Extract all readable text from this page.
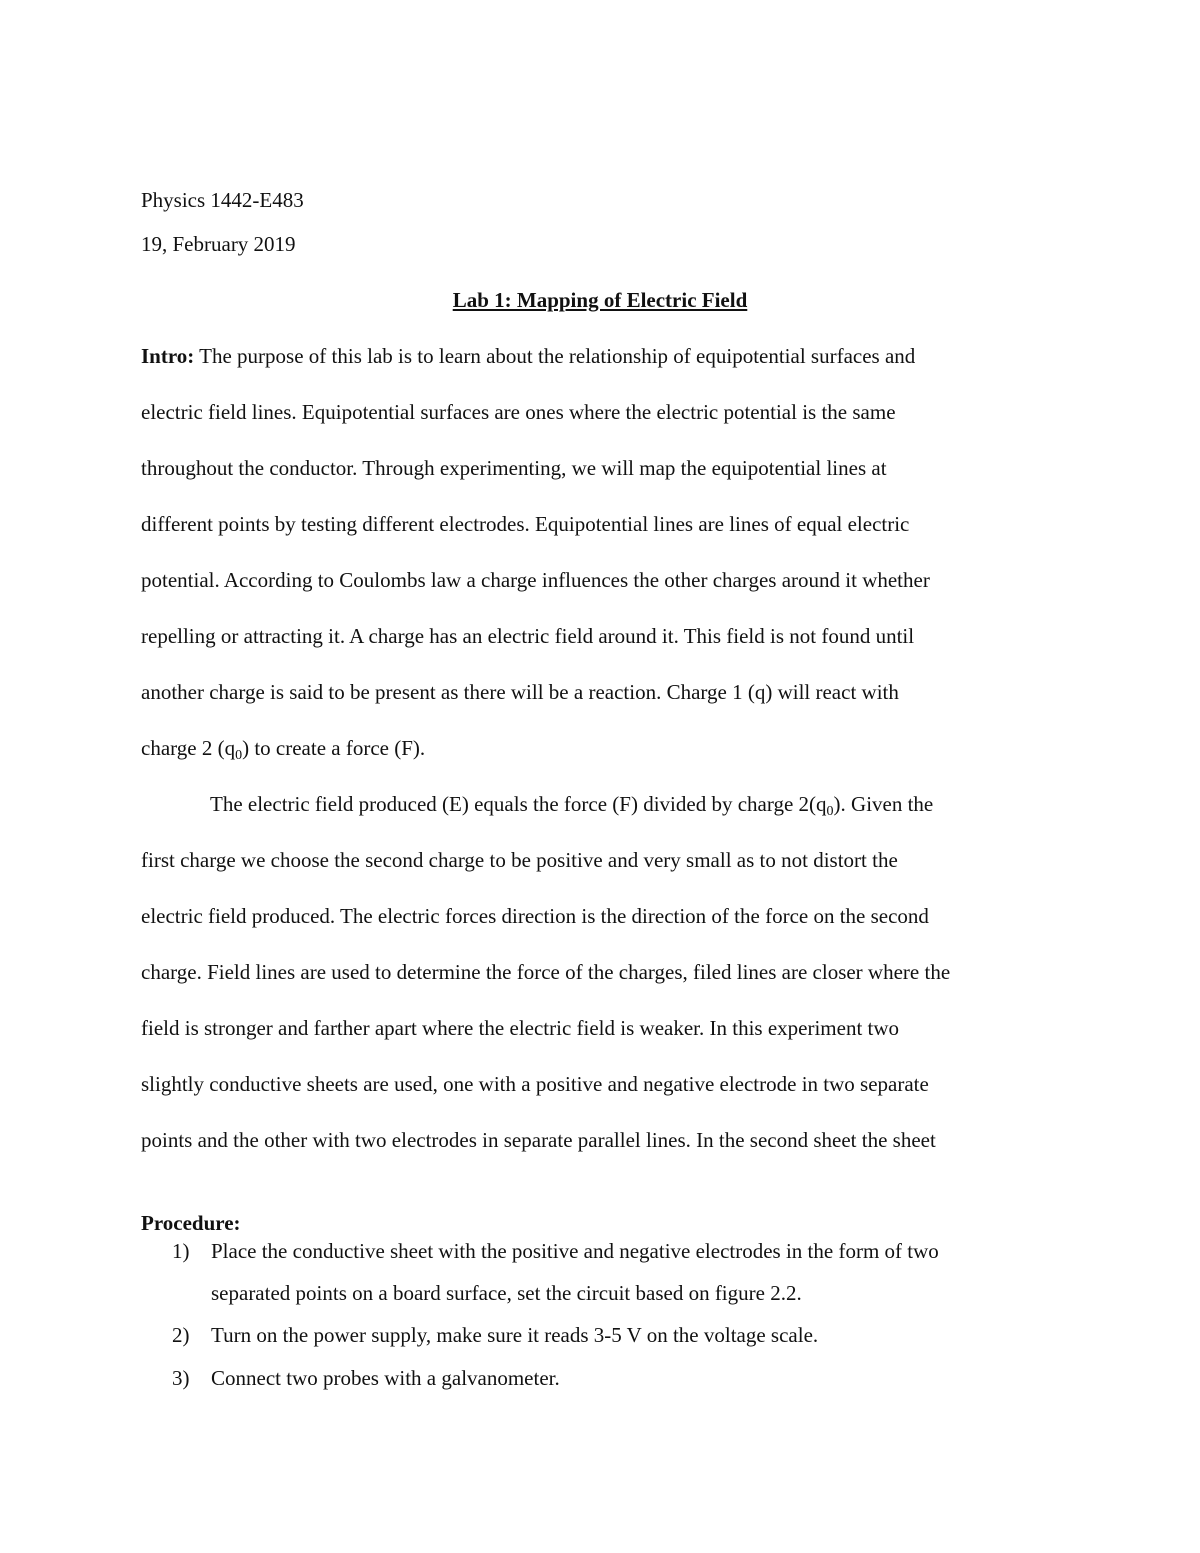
Physics 1442-E483
19, February 2019
Lab 1: Mapping of Electric Field
Intro: The purpose of this lab is to learn about the relationship of equipotential surfaces and
electric field lines. Equipotential surfaces are ones where the electric potential is the same
throughout the conductor. Through experimenting, we will map the equipotential lines at
different points by testing different electrodes. Equipotential lines are lines of equal electric
potential. According to Coulombs law a charge influences the other charges around it whether
repelling or attracting it. A charge has an electric field around it. This field is not found until
another charge is said to be present as there will be a reaction. Charge 1 (q) will react with
charge 2 $(q_0)$ to create a force (F).
The electric field produced (E) equals the force (F) divided by charge $2(q_0)$. Given the
first charge we choose the second charge to be positive and very small as to not distort the
electric field produced. The electric forces direction is the direction of the force on the second
charge. Field lines are used to determine the force of the charges, filed lines are closer where the
field is stronger and farther apart where the electric field is weaker. In this experiment two
slightly conductive sheets are used, one with a positive and negative electrode in two separate
points and the other with two electrodes in separate parallel lines. In the second sheet the sheet
Procedure:
1) Place the conductive sheet with the positive and negative electrodes in the form of two
separated points on a board surface, set the circuit based on figure 2.2.
2) Turn on the power supply, make sure it reads 3-5 V on the voltage scale.
3) Connect two probes with a galvanometer.
